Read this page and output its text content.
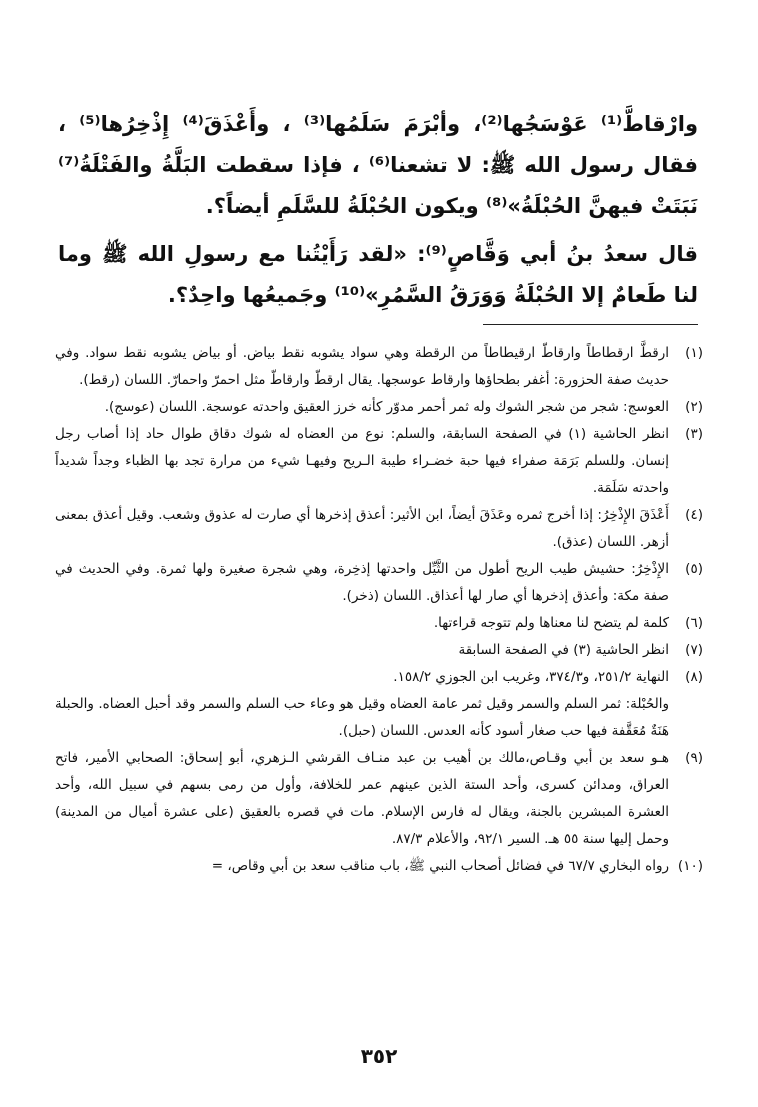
وارْقاطَّ⁽¹⁾ عَوْسَجُها⁽²⁾، وأبْرَمَ سَلَمُها⁽³⁾ ، وأَعْذَقَ⁽⁴⁾ إِذْخِرُها⁽⁵⁾ ، فقال رسول الله ﷺ: لا تشعنا⁽⁶⁾ ، فإذا سقطت البَلَّةُ والفَتْلَةُ⁽⁷⁾ نَبَتَتْ فيهنَّ الحُبْلَةُ»⁽⁸⁾ ويكون الحُبْلَةُ للسَّلَمِ أيضاً؟.
قال سعدُ بنُ أبي وَقَّاصٍ⁽⁹⁾: «لقد رَأَيْتُنا مع رسولِ الله ﷺ وما لنا طَعامٌ إلا الحُبْلَةُ وَوَرَقُ السَّمُرِ»⁽¹⁰⁾ وجَميعُها واحِدٌ؟.
(١)
ارقطَّ ارقطاطاً وارقاطّ ارقيطاطاً من الرقطة وهي سواد يشوبه نقط بياض. أو بياض يشوبه نقط سواد. وفي حديث صفة الحزورة: أغفر بطحاؤها وارقاط عوسجها. يقال ارقطّ وارقاطّ مثل احمرّ واحمارّ. اللسان (رقط).
(٢)
العوسج: شجر من شجر الشوك وله ثمر أحمر مدوّر كأنه خرز العقيق واحدته عوسجة. اللسان (عوسج).
(٣)
انظر الحاشية (١) في الصفحة السابقة، والسلم: نوع من العضاه له شوك دقاق طوال حاد إذا أصاب رجل إنسان. وللسلم بَرَمَة صفراء فيها حبة خضـراء طيبة الـريح وفيهـا شيء من مرارة تجد بها الظباء وجداً شديداً واحدته سَلَمَة.
(٤)
أَعْذَقَ الإِذْخِرُ: إذا أخرج ثمره وعَذَقَ أيضاً، ابن الأثير: أعذق إذخرها أي صارت له عذوق وشعب. وقيل أعذق بمعنى أزهر. اللسان (عذق).
(٥)
الإِذْخِرُ: حشيش طيب الريح أطول من الثَّيِّل واحدتها إذخِرة، وهي شجرة صغيرة ولها ثمرة. وفي الحديث في صفة مكة: وأعذق إذخرها أي صار لها أعذاق. اللسان (ذخر).
(٦)
كلمة لم يتضح لنا معناها ولم تتوجه قراءتها.
(٧)
انظر الحاشية (٣) في الصفحة السابقة
(٨)
النهاية ٢٥١/٢، و٣٧٤/٣، وغريب ابن الجوزي ١٥٨/٢.

والحُبْلة: ثمر السلم والسمر وقيل ثمر عامة العضاه وقيل هو وعاء حب السلم والسمر وقد أحبل العضاه. والحبلة هَنَةٌ مُعَقَّفة فيها حب صغار أسود كأنه العدس. اللسان (حبل).

(٩)
هـو سعد بن أبي وقـاص،مالك بن أهيب بن عبد منـاف القرشي الـزهري، أبو إسحاق: الصحابي الأمير، فاتح العراق، ومدائن كسرى، وأحد الستة الذين عينهم عمر للخلافة، وأول من رمى بسهم في سبيل الله، وأحد العشرة المبشرين بالجنة، ويقال له فارس الإسلام. مات في قصره بالعقيق (على عشرة أميال من المدينة) وحمل إليها سنة ٥٥ هـ. السير ٩٢/١، والأعلام ٨٧/٣.
(١٠)
رواه البخاري ٦٧/٧ في فضائل أصحاب النبي ﷺ، باب مناقب سعد بن أبي وقاص، =
٣٥٢
